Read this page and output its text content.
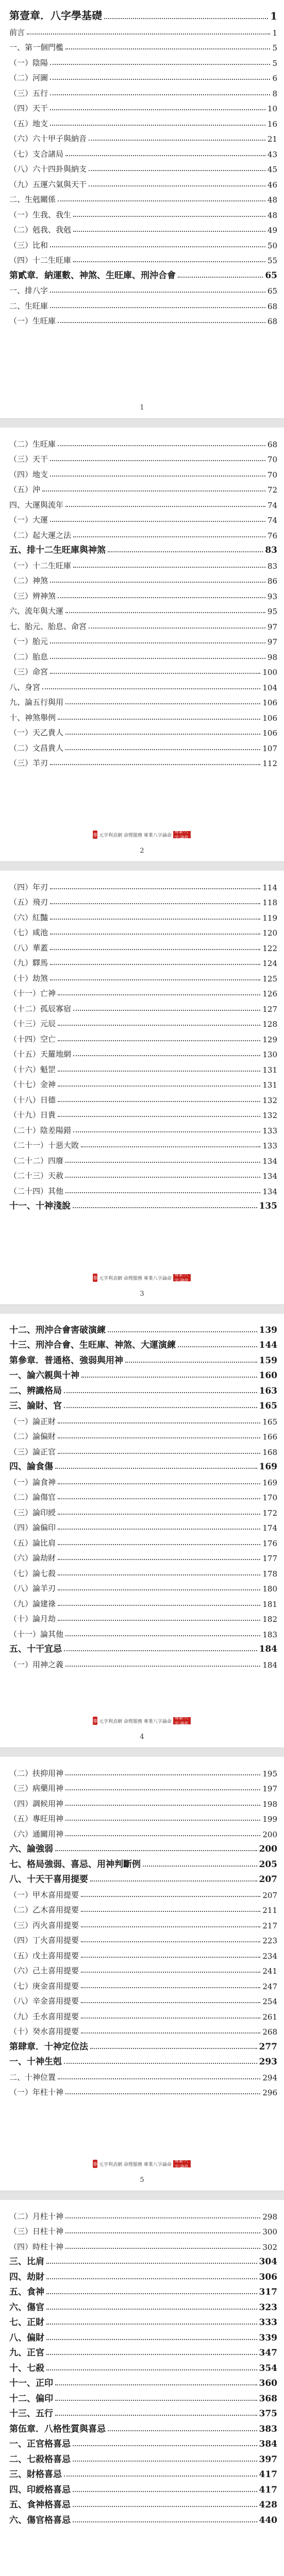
第壹章．八字學基礎	1
前言	1
一、第一個門檻	5
（一）陰陽	5
（二）河圖	6
（三）五行	8
（四）天干	10
（五）地支	16
（六）六十甲子與納音	21
（七）支合諸局	43
（八）六十四卦與納支	45
（九）五運六氣與天干	46
二、生剋關係	48
（一）生我、我生	48
（二）剋我、我剋	49
（三）比和	50
（四）十二生旺庫	55
第貳章．納運數、神煞、生旺庫、刑沖合會	65
一、排八字	65
二、生旺庫	68
（一）生旺庫	68
1
（二）生旺庫	68
（三）天干	70
（四）地支	70
（五）沖	72
四、大運與流年	74
（一）大運	74
（二）起大運之法	76
五、排十二生旺庫與神煞	83
（一）十二生旺庫	83
（二）神煞	86
（三）辨神煞	93
六、流年與大運	95
七、胎元、胎息、命宮	97
（一）胎元	97
（二）胎息	98
（三）命宮	100
八、身宮	104
九、論五行與用	106
十、神煞舉例	106
（一）天乙貴人	106
（二）文昌貴人	107
（三）羊刃	112
華 元亨利貞網 命理服務 專業八字論命
專業·八字·論命
2
（四）年刃	114
（五）飛刃	118
（六）紅豔	119
（七）咸池	120
（八）華蓋	122
（九）驛馬	124
（十）劫煞	125
（十一）亡神	126
（十二）孤辰寡宿	127
（十三）元辰	128
（十四）空亡	129
（十五）天羅地網	130
（十六）魁罡	131
（十七）金神	131
（十八）日德	132
（十九）日貴	132
（二十）陰差陽錯	133
（二十一）十惡大敗	133
（二十二）四廢	134
（二十三）天赦	134
（二十四）其他	134
十一、十神淺說	135
華 元亨利貞網 命理服務 專業八字論命
專業·八字·論命
3
十二、刑沖合會害破演練	139
十三、刑沖合會、生旺庫、神煞、大運演練	144
第參章．普通格、強弱與用神	159
一、論六親與十神	160
二、辨識格局	163
三、論財、官	165
（一）論正財	165
（二）論偏財	166
（三）論正官	168
四、論食傷	169
（一）論食神	169
（二）論傷官	170
（三）論印綬	172
（四）論偏印	174
（五）論比肩	176
（六）論劫財	177
（七）論七殺	178
（八）論羊刃	180
（九）論建祿	181
（十）論月劫	182
（十一）論其他	183
五、十干宜忌	184
（一）用神之義	184
華 元亨利貞網 命理服務 專業八字論命
專業·八字·論命
4
（二）扶抑用神	195
（三）病藥用神	197
（四）調候用神	198
（五）專旺用神	199
（六）通關用神	200
六、論強弱	200
七、格局強弱、喜忌、用神判斷例	205
八、十天干喜用提要	207
（一）甲木喜用提要	207
（二）乙木喜用提要	211
（三）丙火喜用提要	217
（四）丁火喜用提要	223
（五）戊土喜用提要	234
（六）己土喜用提要	241
（七）庚金喜用提要	247
（八）辛金喜用提要	254
（九）壬水喜用提要	261
（十）癸水喜用提要	268
第肆章．十神定位法	277
一、十神生剋	293
二、十神位置	294
（一）年柱十神	296
華 元亨利貞網 命理服務 專業八字論命
專業·八字·論命
5
（二）月柱十神	298
（三）日柱十神	300
（四）時柱十神	302
三、比肩	304
四、劫財	306
五、食神	317
六、傷官	323
七、正財	333
八、偏財	339
九、正官	347
十、七殺	354
十一、正印	360
十二、偏印	368
十三、五行	375
第伍章．八格性質與喜忌	383
一、正官格喜忌	384
二、七殺格喜忌	397
三、財格喜忌	417
四、印綬格喜忌	417
五、食神格喜忌	428
六、傷官格喜忌	440
